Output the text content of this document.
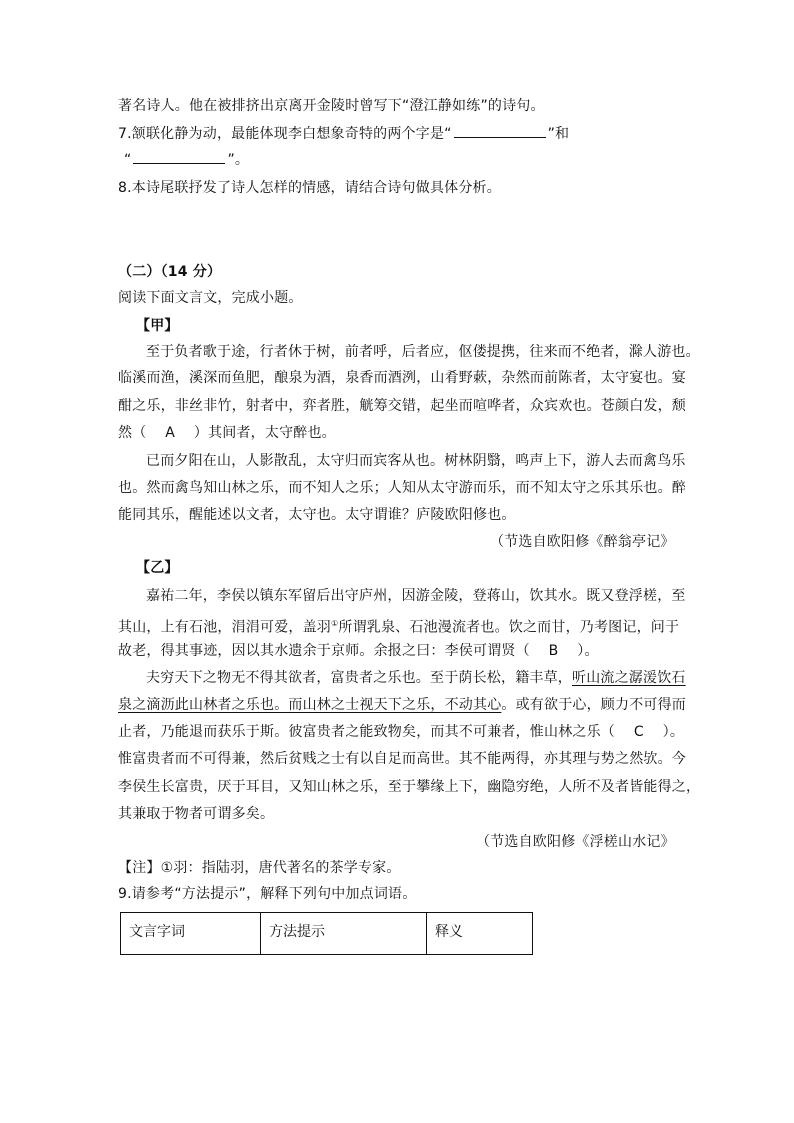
著名诗人。他在被排挤出京离开金陵时曾写下“澄江静如练”的诗句。
7.颔联化静为动，最能体现李白想象奇特的两个字是“	”和
“	”。
8.本诗尾联抒发了诗人怎样的情感，请结合诗句做具体分析。
（二）（14 分）
阅读下面文言文，完成小题。
【甲】
至于负者歌于途，行者休于树，前者呼，后者应，伛偻提携，往来而不绝者，滁人游也。
临溪而渔，溪深而鱼肥，酿泉为酒，泉香而酒洌，山肴野蔌，杂然而前陈者，太守宴也。宴
酣之乐，非丝非竹，射者中，弈者胜，觥筹交错，起坐而喧哗者，众宾欢也。苍颜白发，颓
然（　 A　 ）其间者，太守醉也。
已而夕阳在山，人影散乱，太守归而宾客从也。树林阴翳，鸣声上下，游人去而禽鸟乐
也。然而禽鸟知山林之乐，而不知人之乐；人知从太守游而乐，而不知太守之乐其乐也。醉
能同其乐，醒能述以文者，太守也。太守谓谁？庐陵欧阳修也。
（节选自欧阳修《醉翁亭记》
【乙】
嘉祐二年，李侯以镇东军留后出守庐州，因游金陵，登蒋山，饮其水。既又登浮槎，至
其山，上有石池，涓涓可爱，盖羽①所谓乳泉、石池漫流者也。饮之而甘，乃考图记，问于
故老，得其事迹，因以其水遗余于京师。余报之曰：李侯可谓贤（　 B　 ）。
夫穷天下之物无不得其欲者，富贵者之乐也。至于荫长松，籍丰草，听山流之潺湲饮石
泉之滴沥此山林者之乐也。而山林之士视天下之乐，不动其心。或有欲于心，顾力不可得而
止者，乃能退而获乐于斯。彼富贵者之能致物矣，而其不可兼者，惟山林之乐（　 C　 ）。
惟富贵者而不可得兼，然后贫贱之士有以自足而高世。其不能两得，亦其理与势之然欤。今
李侯生长富贵，厌于耳目，又知山林之乐，至于攀缘上下，幽隐穷绝，人所不及者皆能得之，
其兼取于物者可谓多矣。
（节选自欧阳修《浮槎山水记》
【注】①羽：指陆羽，唐代著名的茶学专家。
9.请参考“方法提示”，解释下列句中加点词语。
文言字词	方法提示	释义
